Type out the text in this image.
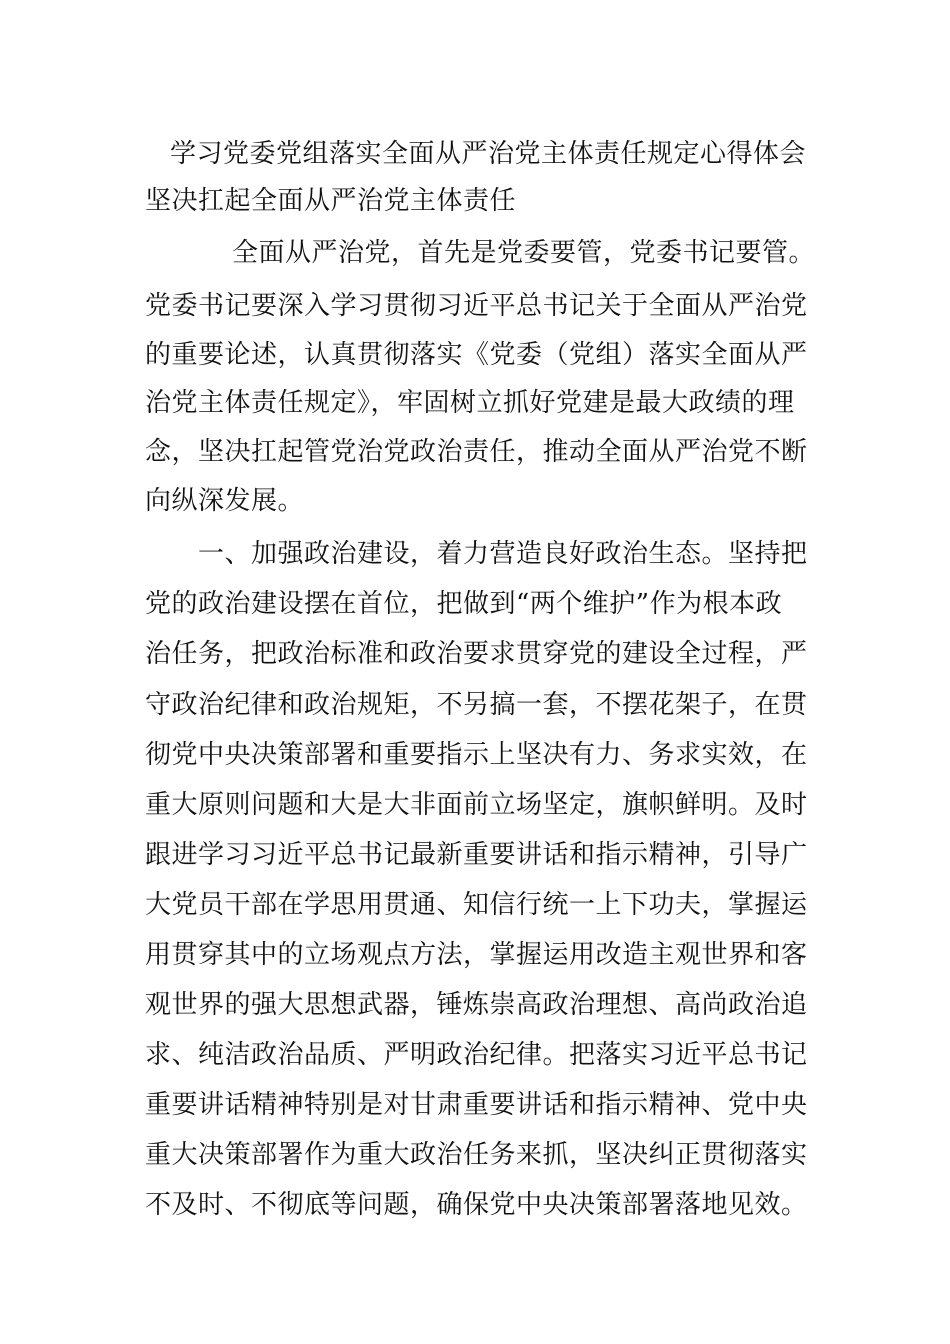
学习党委党组落实全面从严治党主体责任规定心得体会
坚决扛起全面从严治党主体责任
全面从严治党，首先是党委要管，党委书记要管。
党委书记要深入学习贯彻习近平总书记关于全面从严治党
的重要论述，认真贯彻落实《党委（党组）落实全面从严
治党主体责任规定》，牢固树立抓好党建是最大政绩的理
念，坚决扛起管党治党政治责任，推动全面从严治党不断
向纵深发展。
一、加强政治建设，着力营造良好政治生态。坚持把
党的政治建设摆在首位，把做到“两个维护”作为根本政
治任务，把政治标准和政治要求贯穿党的建设全过程，严
守政治纪律和政治规矩，不另搞一套，不摆花架子，在贯
彻党中央决策部署和重要指示上坚决有力、务求实效，在
重大原则问题和大是大非面前立场坚定，旗帜鲜明。及时
跟进学习习近平总书记最新重要讲话和指示精神，引导广
大党员干部在学思用贯通、知信行统一上下功夫，掌握运
用贯穿其中的立场观点方法，掌握运用改造主观世界和客
观世界的强大思想武器，锤炼崇高政治理想、高尚政治追
求、纯洁政治品质、严明政治纪律。把落实习近平总书记
重要讲话精神特别是对甘肃重要讲话和指示精神、党中央
重大决策部署作为重大政治任务来抓，坚决纠正贯彻落实
不及时、不彻底等问题，确保党中央决策部署落地见效。
